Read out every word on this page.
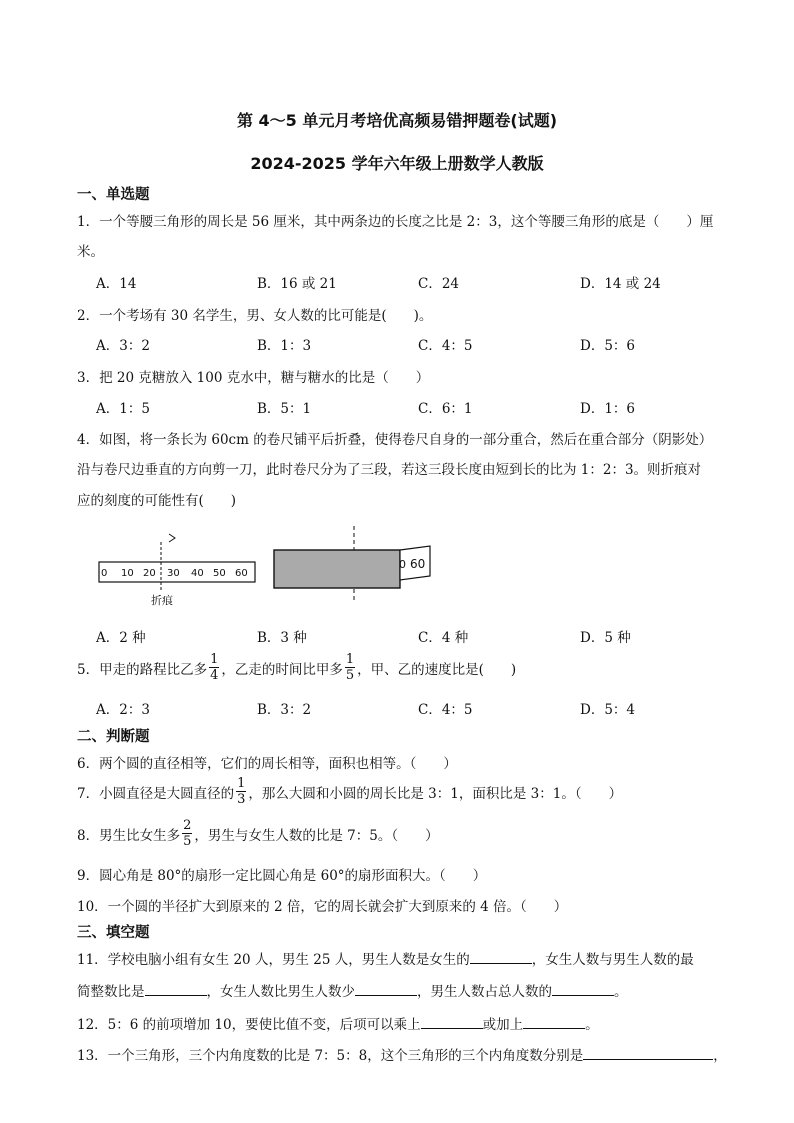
第 4～5 单元月考培优高频易错押题卷(试题)
2024-2025 学年六年级上册数学人教版
一、单选题
1．一个等腰三角形的周长是 56 厘米，其中两条边的长度之比是 2：3，这个等腰三角形的底是（　　）厘
米。
A．14	B．16 或 21	C．24	D．14 或 24
2．一个考场有 30 名学生，男、女人数的比可能是(　　)。
A．3：2	B．1：3	C．4：5	D．5：6
3．把 20 克糖放入 100 克水中，糖与糖水的比是（　　）
A．1：5	B．5：1	C．6：1	D．1：6
4．如图，将一条长为 60cm 的卷尺铺平后折叠，使得卷尺自身的一部分重合，然后在重合部分（阴影处）
沿与卷尺边垂直的方向剪一刀，此时卷尺分为了三段，若这三段长度由短到长的比为 1：2：3。则折痕对
应的刻度的可能性有(　　)
0 10 20 30 40 50 60
折痕
0 60
A．2 种	B．3 种	C．4 种	D．5 种
5．甲走的路程比乙多 $\frac{1}{4}$ ，乙走的时间比甲多 $\frac{1}{5}$ ，甲、乙的速度比是(　　)
A．2：3	B．3：2	C．4：5	D．5：4
二、判断题
6．两个圆的直径相等，它们的周长相等，面积也相等。（　　）
7．小圆直径是大圆直径的 $\frac{1}{3}$ ，那么大圆和小圆的周长比是 3：1，面积比是 3：1。（　　）
8．男生比女生多 $\frac{2}{5}$ ，男生与女生人数的比是 7：5。（　　）
9．圆心角是 80°的扇形一定比圆心角是 60°的扇形面积大。（　　）
10．一个圆的半径扩大到原来的 2 倍，它的周长就会扩大到原来的 4 倍。（　　）
三、填空题
11．学校电脑小组有女生 20 人，男生 25 人，男生人数是女生的	，女生人数与男生人数的最
简整数比是	，女生人数比男生人数少	，男生人数占总人数的	。
12．5：6 的前项增加 10，要使比值不变，后项可以乘上	或加上	。
13．一个三角形，三个内角度数的比是 7：5：8，这个三角形的三个内角度数分别是	，
